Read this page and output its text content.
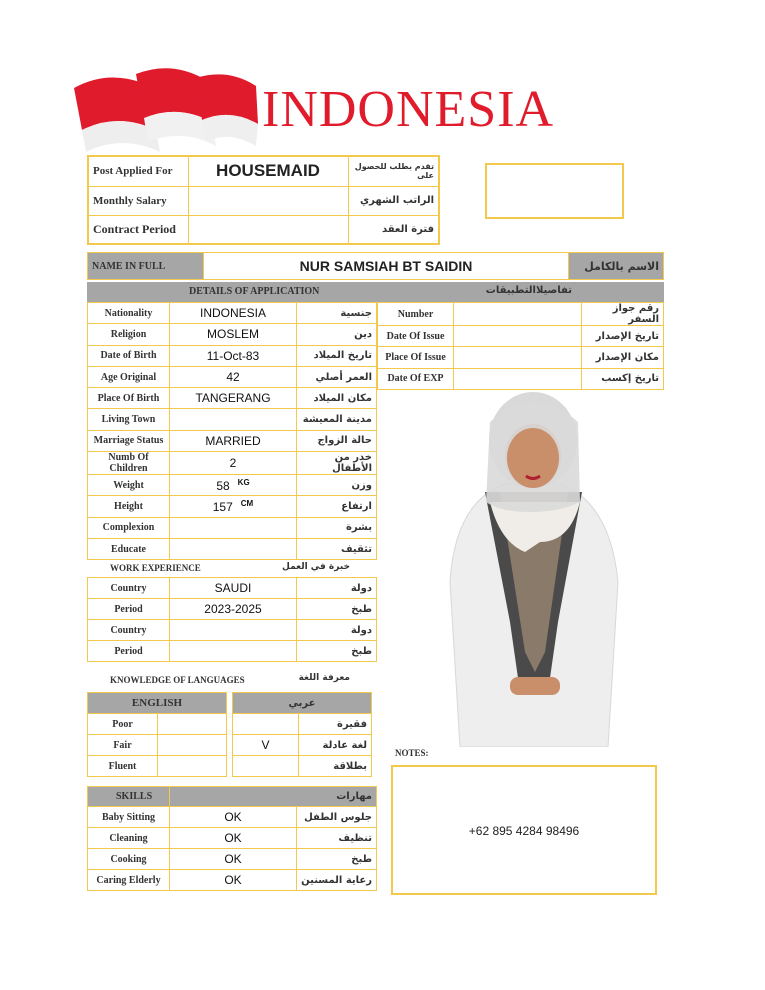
INDONESIA
Post Applied For	HOUSEMAID	تقدم بطلب للحصول على
Monthly Salary		الراتب الشهري
Contract Period		فترة العقد
NAME IN FULL	NUR SAMSIAH BT SAIDIN	الاسم بالكامل
DETAILS OF APPLICATION	تفاصيلاالتطبيقات
Nationality	INDONESIA	جنسية
Religion	MOSLEM	دين
Date of Birth	11-Oct-83	تاريخ الميلاد
Age Original	42	العمر أصلي
Place Of Birth	TANGERANG	مكان الميلاد
Living Town		مدينة المعيشة
Marriage Status	MARRIED	حالة الزواج
Numb Of Children	2	خدر من الأطفال
Weight	58 $^{KG}$	وزن
Height	157 $^{CM}$	ارتفاع
Complexion		بشرة
Educate		تثقيف
Number		رقم جواز السفر
Date Of Issue		تاريخ الإصدار
Place Of Issue		مكان الإصدار
Date Of EXP		تاريخ إكسب
WORK EXPERIENCE	خبرة في العمل
Country	SAUDI	دولة
Period	2023-2025	طبخ
Country		دولة
Period		طبخ
KNOWLEDGE OF LANGUAGES	معرفة اللغة
ENGLISH	
Poor	
Fair	
Fluent	
عربي	
	فقيرة
V	لغة عادلة
	بطلاقة
SKILLS	مهارات	
Baby Sitting	OK	جلوس الطفل
Cleaning	OK	تنظيف
Cooking	OK	طبخ
Caring Elderly	OK	رعاية المسنين
NOTES:
+62 895 4284 98496
